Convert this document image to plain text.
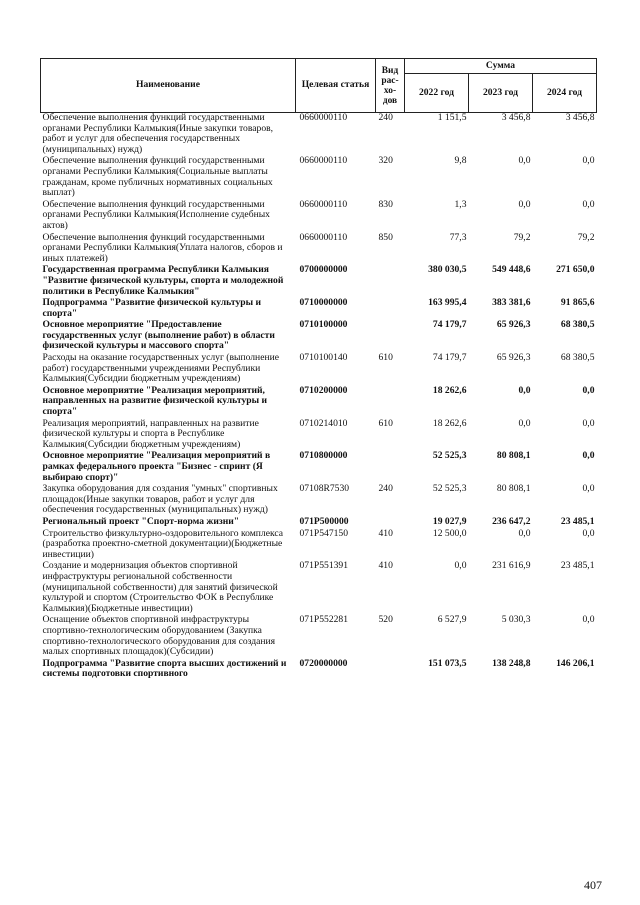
Наименование	Целевая статья	Вид рас-хо-дов	Сумма		
			2022 год	2023 год	2024 год
Обеспечение выполнения функций государственными органами Республики Калмыкия(Иные закупки товаров, работ и услуг для обеспечения государственных (муниципальных) нужд)	0660000110	240	1 151,5	3 456,8	3 456,8
Обеспечение выполнения функций государственными органами Республики Калмыкия(Социальные выплаты гражданам, кроме публичных нормативных социальных выплат)	0660000110	320	9,8	0,0	0,0
Обеспечение выполнения функций государственными органами Республики Калмыкия(Исполнение судебных актов)	0660000110	830	1,3	0,0	0,0
Обеспечение выполнения функций государственными органами Республики Калмыкия(Уплата налогов, сборов и иных платежей)	0660000110	850	77,3	79,2	79,2
Государственная программа Республики Калмыкия "Развитие физической культуры, спорта и молодежной политики в Республике Калмыкия"	0700000000		380 030,5	549 448,6	271 650,0
Подпрограмма "Развитие физической культуры и спорта"	0710000000		163 995,4	383 381,6	91 865,6
Основное мероприятие "Предоставление государственных услуг (выполнение работ) в области физической культуры и массового спорта"	0710100000		74 179,7	65 926,3	68 380,5
Расходы на оказание государственных услуг (выполнение работ) государственными учреждениями Республики Калмыкия(Субсидии бюджетным учреждениям)	0710100140	610	74 179,7	65 926,3	68 380,5
Основное мероприятие "Реализация мероприятий, направленных на развитие физической культуры и спорта"	0710200000		18 262,6	0,0	0,0
Реализация мероприятий, направленных на развитие физической культуры и спорта в Республике Калмыкия(Субсидии бюджетным учреждениям)	0710214010	610	18 262,6	0,0	0,0
Основное мероприятие "Реализация мероприятий в рамках федерального проекта "Бизнес - спринт (Я выбираю спорт)"	0710800000		52 525,3	80 808,1	0,0
Закупка оборудования для создания "умных" спортивных площадок(Иные закупки товаров, работ и услуг для обеспечения государственных (муниципальных) нужд)	07108R7530	240	52 525,3	80 808,1	0,0
Региональный проект "Спорт-норма жизни"	071P500000		19 027,9	236 647,2	23 485,1
Строительство физкультурно-оздоровительного комплекса (разработка проектно-сметной документации)(Бюджетные инвестиции)	071P547150	410	12 500,0	0,0	0,0
Создание и модернизация объектов спортивной инфраструктуры региональной собственности (муниципальной собственности) для занятий физической культурой и спортом (Строительство ФОК в Республике Калмыкия)(Бюджетные инвестиции)	071P551391	410	0,0	231 616,9	23 485,1
Оснащение объектов спортивной инфраструктуры спортивно-технологическим оборудованием (Закупка спортивно-технологического оборудования для создания малых спортивных площадок)(Субсидии)	071P552281	520	6 527,9	5 030,3	0,0
Подпрограмма "Развитие спорта высших достижений и системы подготовки спортивного	0720000000		151 073,5	138 248,8	146 206,1
407
